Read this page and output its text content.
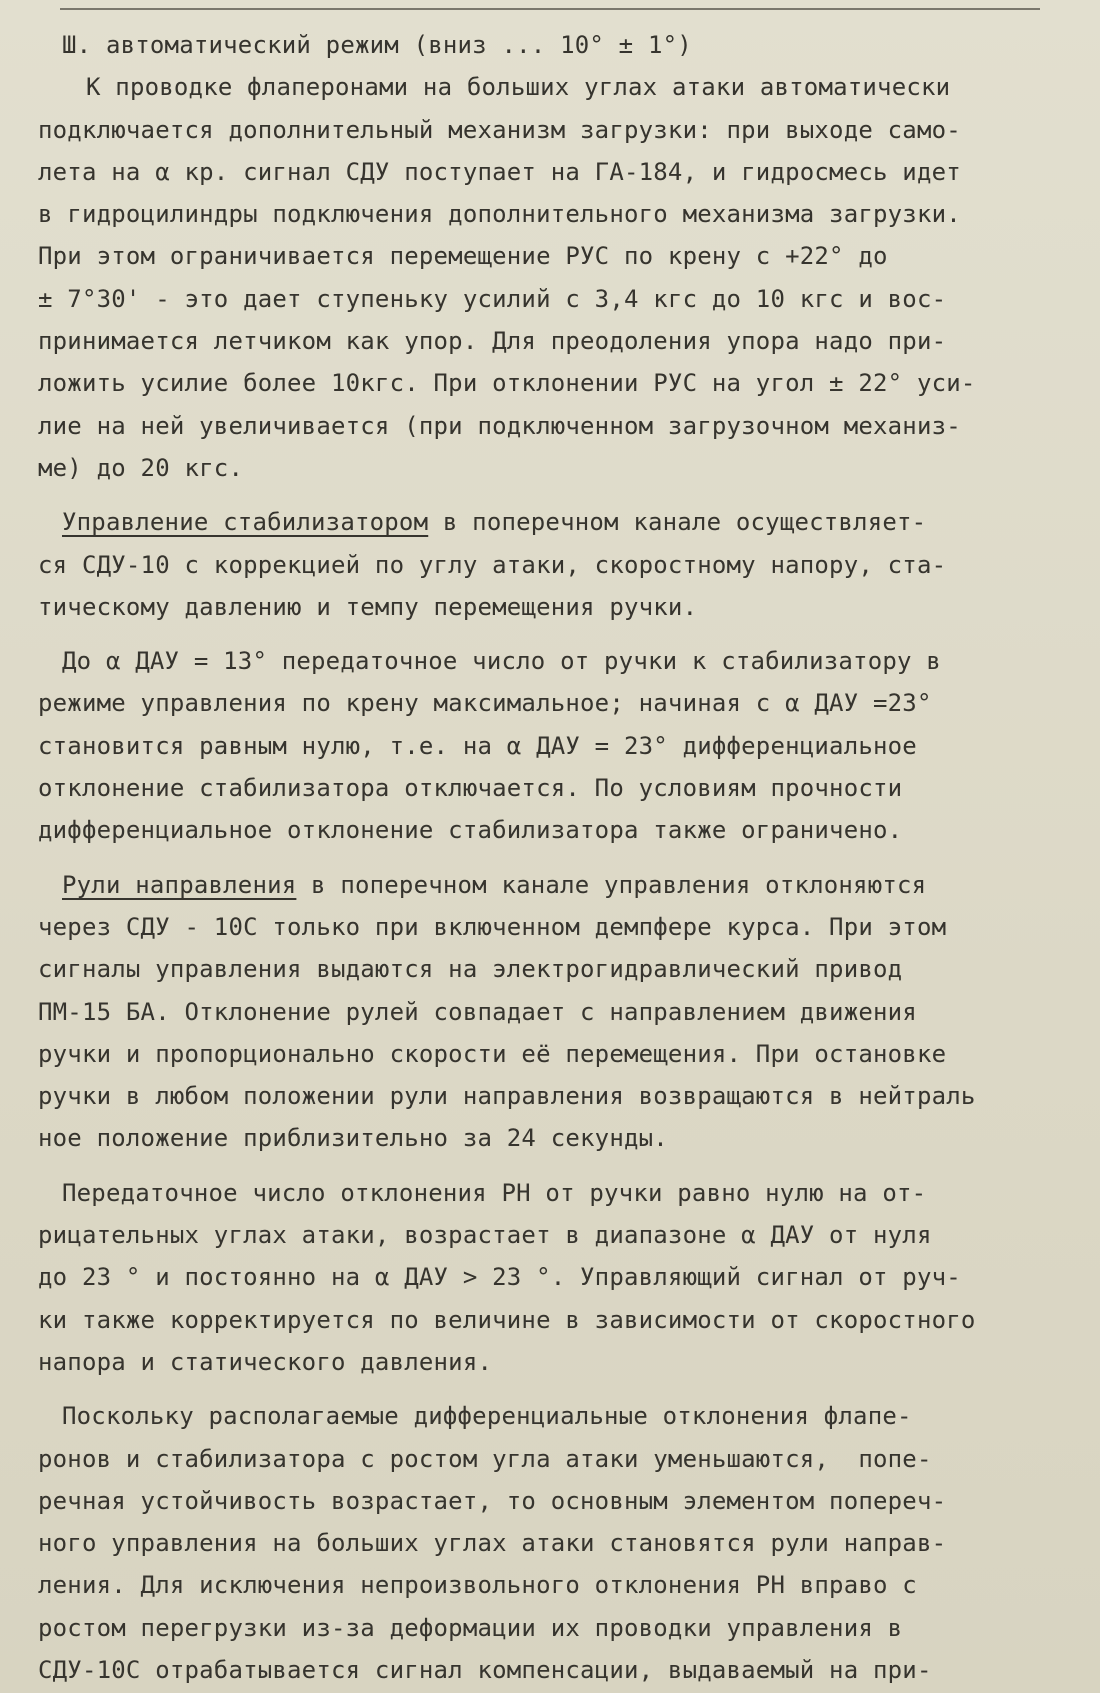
Ш. автоматический режим (вниз ... 10° ± 1°)
К проводке флаперонами на больших углах атаки автоматически
подключается дополнительный механизм загрузки: при выходе само-
лета на α кр. сигнал СДУ поступает на ГА-184, и гидросмесь идет
в гидроцилиндры подключения дополнительного механизма загрузки.
При этом ограничивается перемещение РУС по крену с +22° до
± 7°30' - это дает ступеньку усилий с 3,4 кгс до 10 кгс и вос-
принимается летчиком как упор. Для преодоления упора надо при-
ложить усилие более 10кгс. При отклонении РУС на угол ± 22° уси-
лие на ней увеличивается (при подключенном загрузочном механиз-
ме) до 20 кгс.
Управление стабилизатором в поперечном канале осуществляет-
ся СДУ-10 с коррекцией по углу атаки, скоростному напору, ста-
тическому давлению и темпу перемещения ручки.
До α ДАУ = 13° передаточное число от ручки к стабилизатору в
режиме управления по крену максимальное; начиная с α ДАУ =23°
становится равным нулю, т.е. на α ДАУ = 23° дифференциальное
отклонение стабилизатора отключается. По условиям прочности
дифференциальное отклонение стабилизатора также ограничено.
Рули направления в поперечном канале управления отклоняются
через СДУ - 10С только при включенном демпфере курса. При этом
сигналы управления выдаются на электрогидравлический привод
ПМ-15 БА. Отклонение рулей совпадает с направлением движения
ручки и пропорционально скорости её перемещения. При остановке
ручки в любом положении рули направления возвращаются в нейтраль
ное положение приблизительно за 24 секунды.
Передаточное число отклонения РН от ручки равно нулю на от-
рицательных углах атаки, возрастает в диапазоне α ДАУ от нуля
до 23 ° и постоянно на α ДАУ > 23 °. Управляющий сигнал от руч-
ки также корректируется по величине в зависимости от скоростного
напора и статического давления.
Поскольку располагаемые дифференциальные отклонения флапе-
ронов и стабилизатора с ростом угла атаки уменьшаются,  попе-
речная устойчивость возрастает, то основным элементом попереч-
ного управления на больших углах атаки становятся рули направ-
ления. Для исключения непроизвольного отклонения РН вправо с
ростом перегрузки из-за деформации их проводки управления в
СДУ-10С отрабатывается сигнал компенсации, выдаваемый на при-
